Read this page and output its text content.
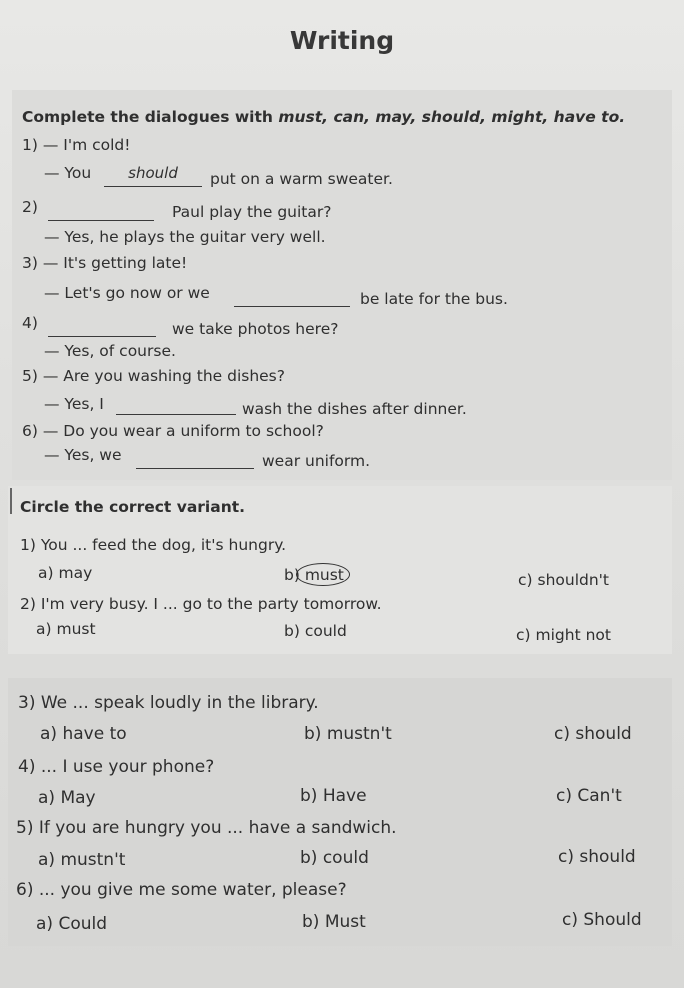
Writing
Complete the dialogues with must, can, may, should, might, have to.
1) — I'm cold!
— You	should	put on a warm sweater.
2)	Paul play the guitar?
— Yes, he plays the guitar very well.
3) — It's getting late!
— Let's go now or we	be late for the bus.
4)	we take photos here?
— Yes, of course.
5) — Are you washing the dishes?
— Yes, I	wash the dishes after dinner.
6) — Do you wear a uniform to school?
— Yes, we	wear uniform.
Circle the correct variant.
1) You ... feed the dog, it's hungry.
a) may	b) must	c) shouldn't
2) I'm very busy. I ... go to the party tomorrow.
a) must	b) could	c) might not
3) We ... speak loudly in the library.
a) have to	b) mustn't	c) should
4) ... I use your phone?
a) May	b) Have	c) Can't
5) If you are hungry you ... have a sandwich.
a) mustn't	b) could	c) should
6) ... you give me some water, please?
a) Could	b) Must	c) Should
